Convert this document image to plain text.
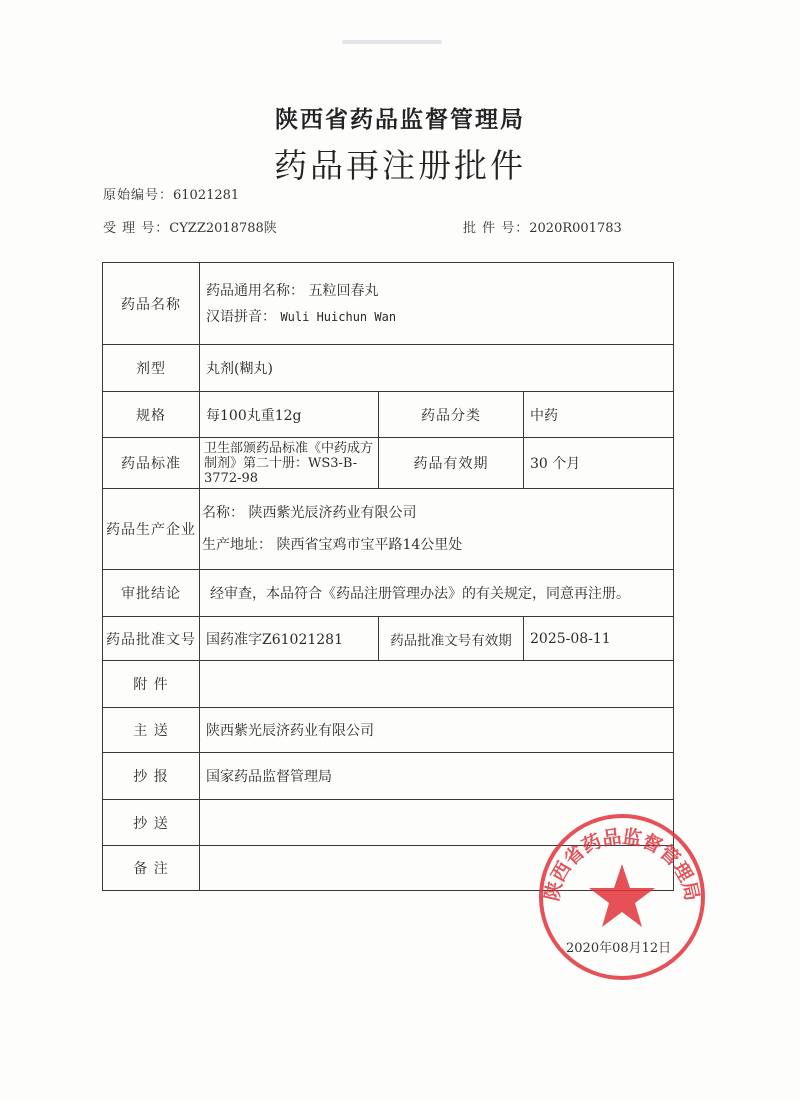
陕西省药品监督管理局
药品再注册批件
原始编号：61021281
受 理 号：CYZZ2018788陕	批 件 号：2020R001783
药品名称	药品通用名称： 五粒回春丸
汉语拼音： Wuli Huichun Wan		

剂型	丸剂(糊丸)		
规格	每100丸重12g	药品分类	中药
药品标准	卫生部颁药品标准《中药成方制剂》第二十册：WS3-B-3772-98	药品有效期	30 个月
药品生产企业	名称： 陕西紫光辰济药业有限公司
生产地址： 陕西省宝鸡市宝平路14公里处		

审批结论	经审查，本品符合《药品注册管理办法》的有关规定，同意再注册。		
药品批准文号	国药准字Z61021281	药品批准文号有效期	2025-08-11
附 件			
主 送	陕西紫光辰济药业有限公司		
抄 报	国家药品监督管理局		
抄 送			
备 注			
陕西省药品监督管理局
2020年08月12日
